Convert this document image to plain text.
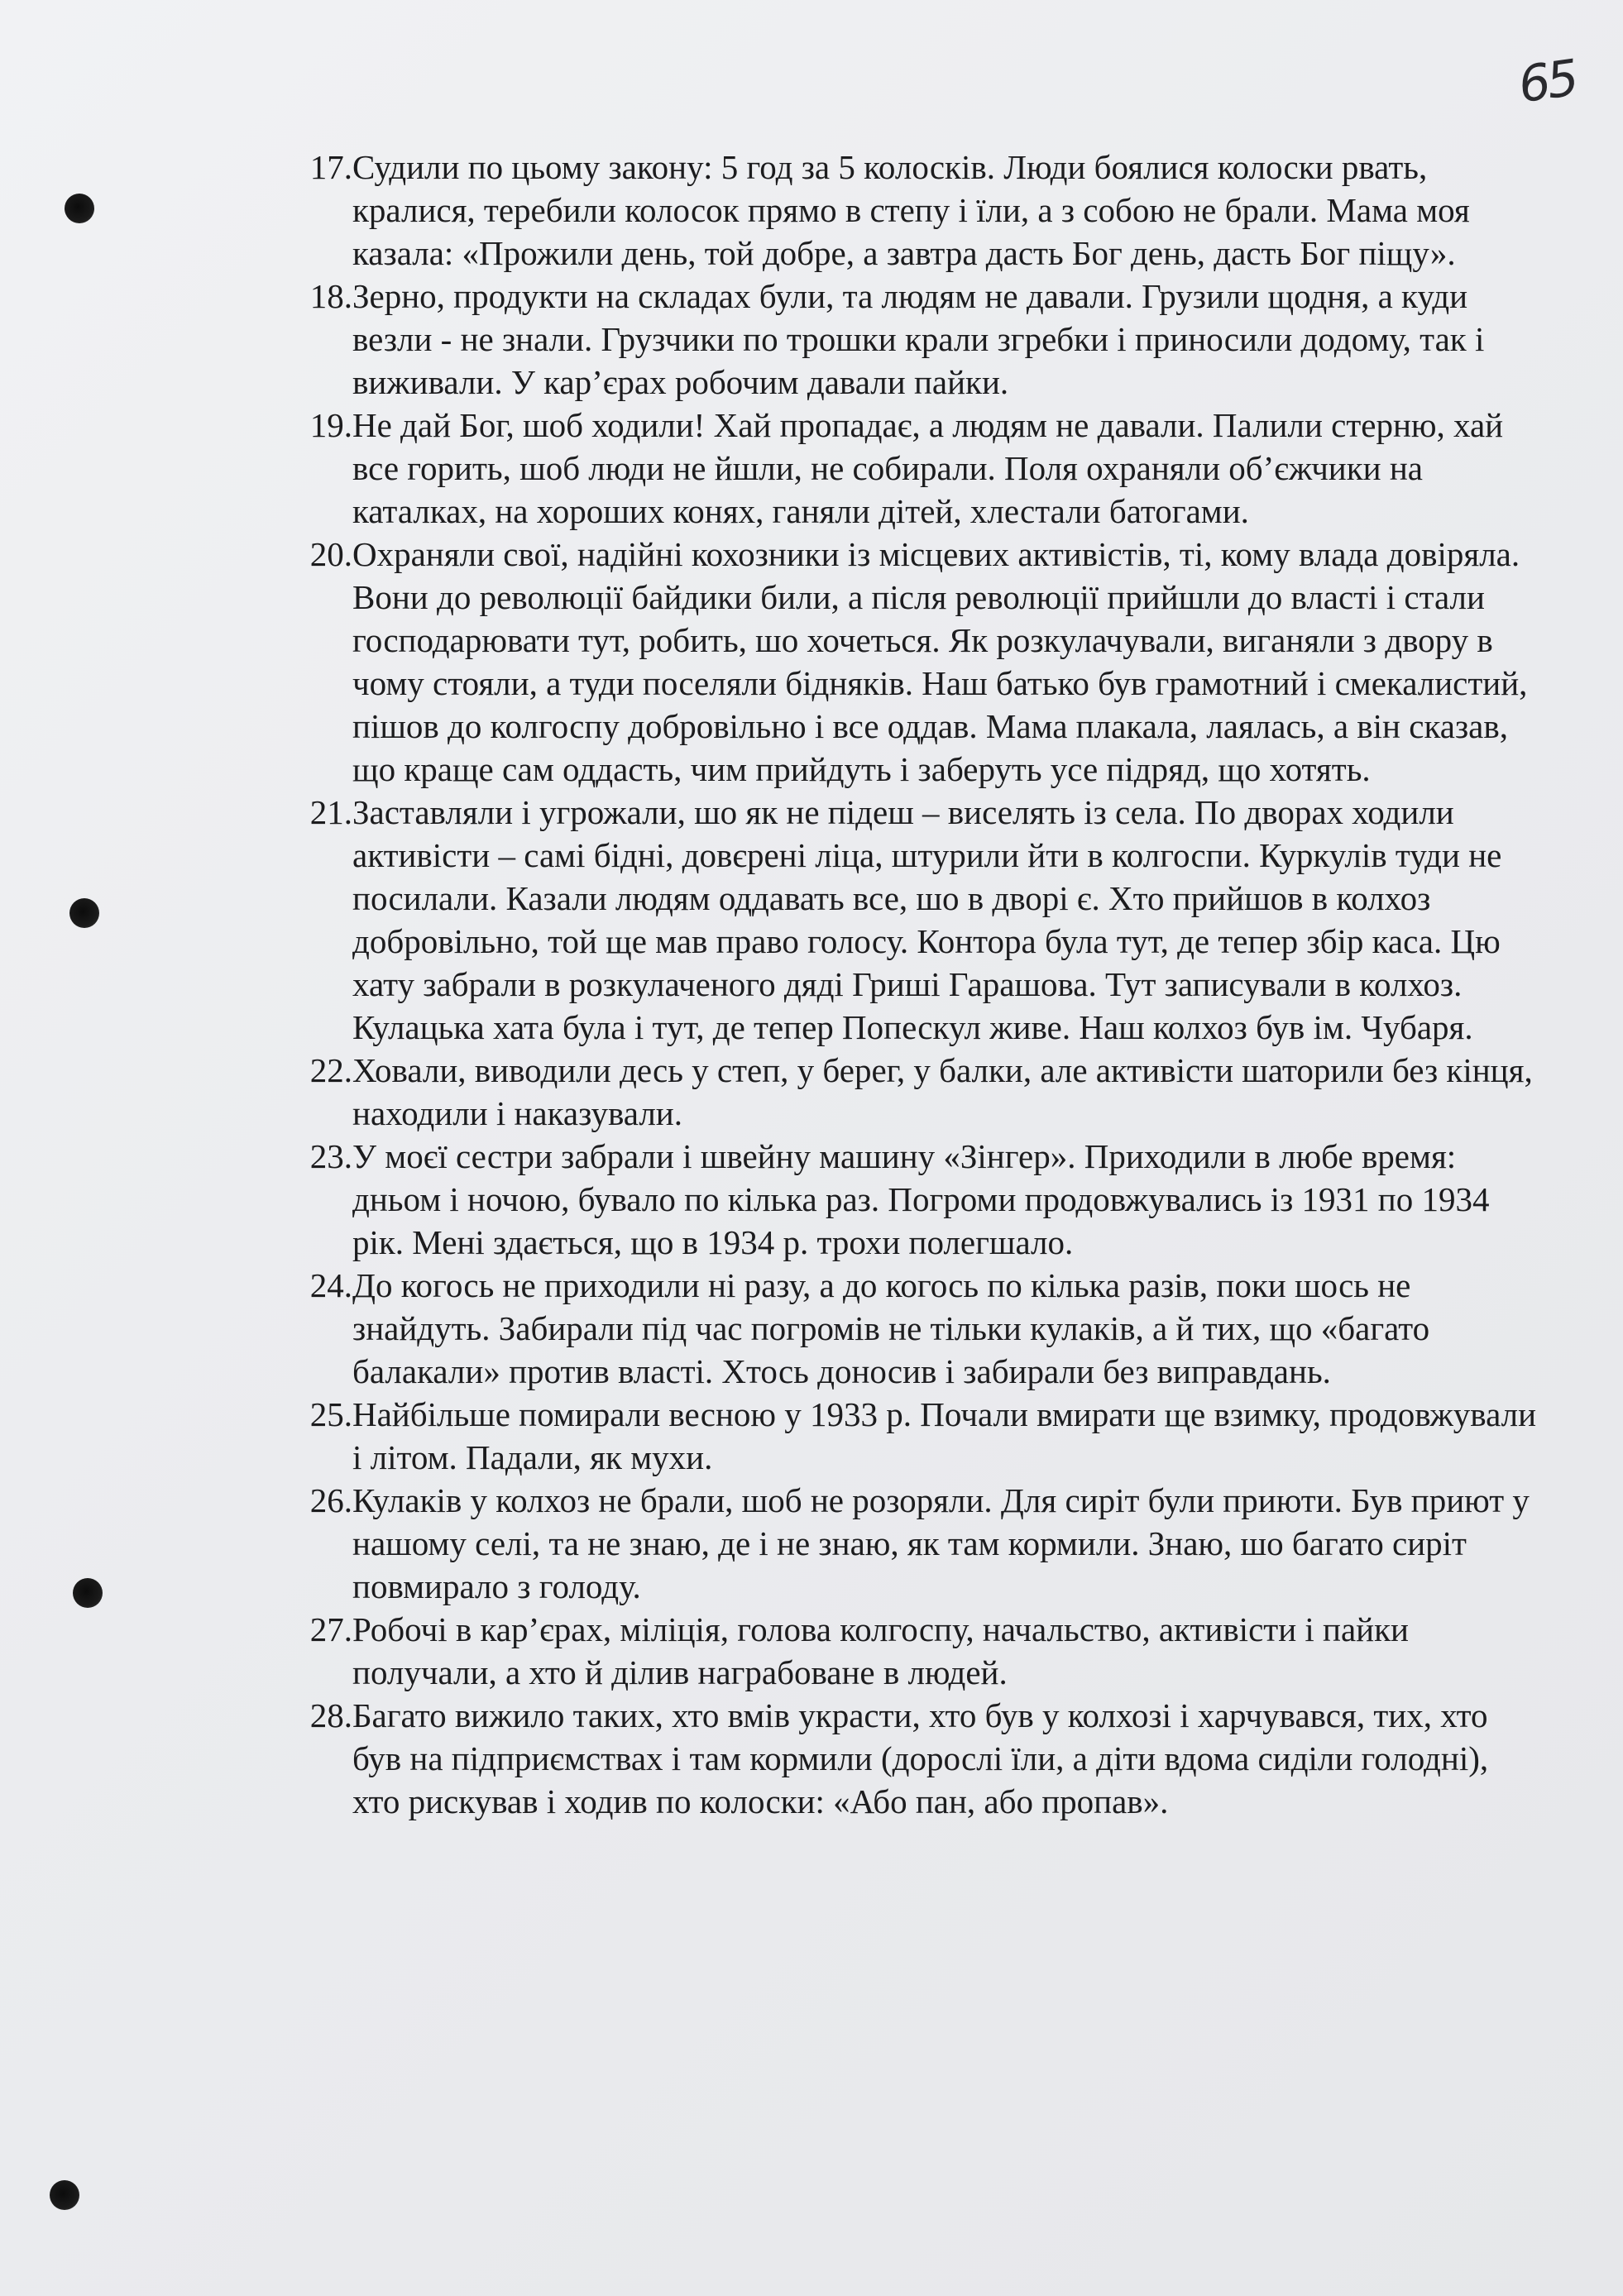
65
17. Судили по цьому закону: 5 год за 5 колосків. Люди боялися колоски рвать, кралися, теребили колосок прямо в степу і їли, а з собою не брали. Мама моя казала: «Прожили день, той добре, а завтра дасть Бог день, дасть Бог піщу».
18. Зерно, продукти на складах були, та людям не давали. Грузили щодня, а куди везли - не знали. Грузчики по трошки крали згребки і приносили додому, так і виживали. У кар’єрах робочим давали пайки.
19. Не дай Бог, шоб ходили! Хай пропадає, а людям не давали. Палили стерню, хай все горить, шоб люди не йшли, не собирали. Поля охраняли об’єжчики на каталках, на хороших конях, ганяли дітей, хлестали батогами.
20. Охраняли свої, надійні кохозники із місцевих активістів, ті, кому влада довіряла. Вони до революції байдики били, а після революції прийшли до власті і стали господарювати тут, робить, шо хочеться. Як розкулачували, виганяли з двору в чому стояли, а туди поселяли бідняків. Наш батько був грамотний і смекалистий, пішов до колгоспу добровільно і все оддав. Мама плакала, лаялась, а він сказав, що краще сам оддасть, чим прийдуть і заберуть усе підряд, що хотять.
21. Заставляли і угрожали, шо як не підеш – виселять із села. По дворах ходили активісти – самі бідні, довєрені ліца, штурили йти в колгоспи. Куркулів туди не посилали. Казали людям оддавать все, шо в дворі є. Хто прийшов в колхоз добровільно, той ще мав право голосу. Контора була тут, де тепер збір каса. Цю хату забрали в розкулаченого дяді Гриші Гарашова. Тут записували в колхоз. Кулацька хата була і тут, де тепер Попескул живе. Наш колхоз був ім. Чубаря.
22. Ховали, виводили десь у степ, у берег, у балки, але активісти шаторили без кінця, находили і наказували.
23. У моєї сестри забрали і швейну машину «Зінгер». Приходили в любе время: дньом і ночою, бувало по кілька раз. Погроми продовжувались із 1931 по 1934 рік. Мені здається, що в 1934 р. трохи полегшало.
24. До когось не приходили ні разу, а до когось по кілька разів, поки шось не знайдуть. Забирали під час погромів не тільки кулаків, а й тих, що «багато балакали» против власті. Хтось доносив і забирали без виправдань.
25. Найбільше помирали весною у 1933 р. Почали вмирати ще взимку, продовжували і літом. Падали, як мухи.
26. Кулаків у колхоз не брали, шоб не розоряли. Для сиріт були приюти. Був приют у нашому селі, та не знаю, де і не знаю, як там кормили. Знаю, шо багато сиріт повмирало з голоду.
27. Робочі в кар’єрах, міліція, голова колгоспу, начальство, активісти і пайки получали, а хто й ділив награбоване в людей.
28. Багато вижило таких, хто вмів украсти, хто був у колхозі і харчувався, тих, хто був на підприємствах і там кормили (дорослі їли, а діти вдома сиділи голодні), хто рискував і ходив по колоски: «Або пан, або пропав».
